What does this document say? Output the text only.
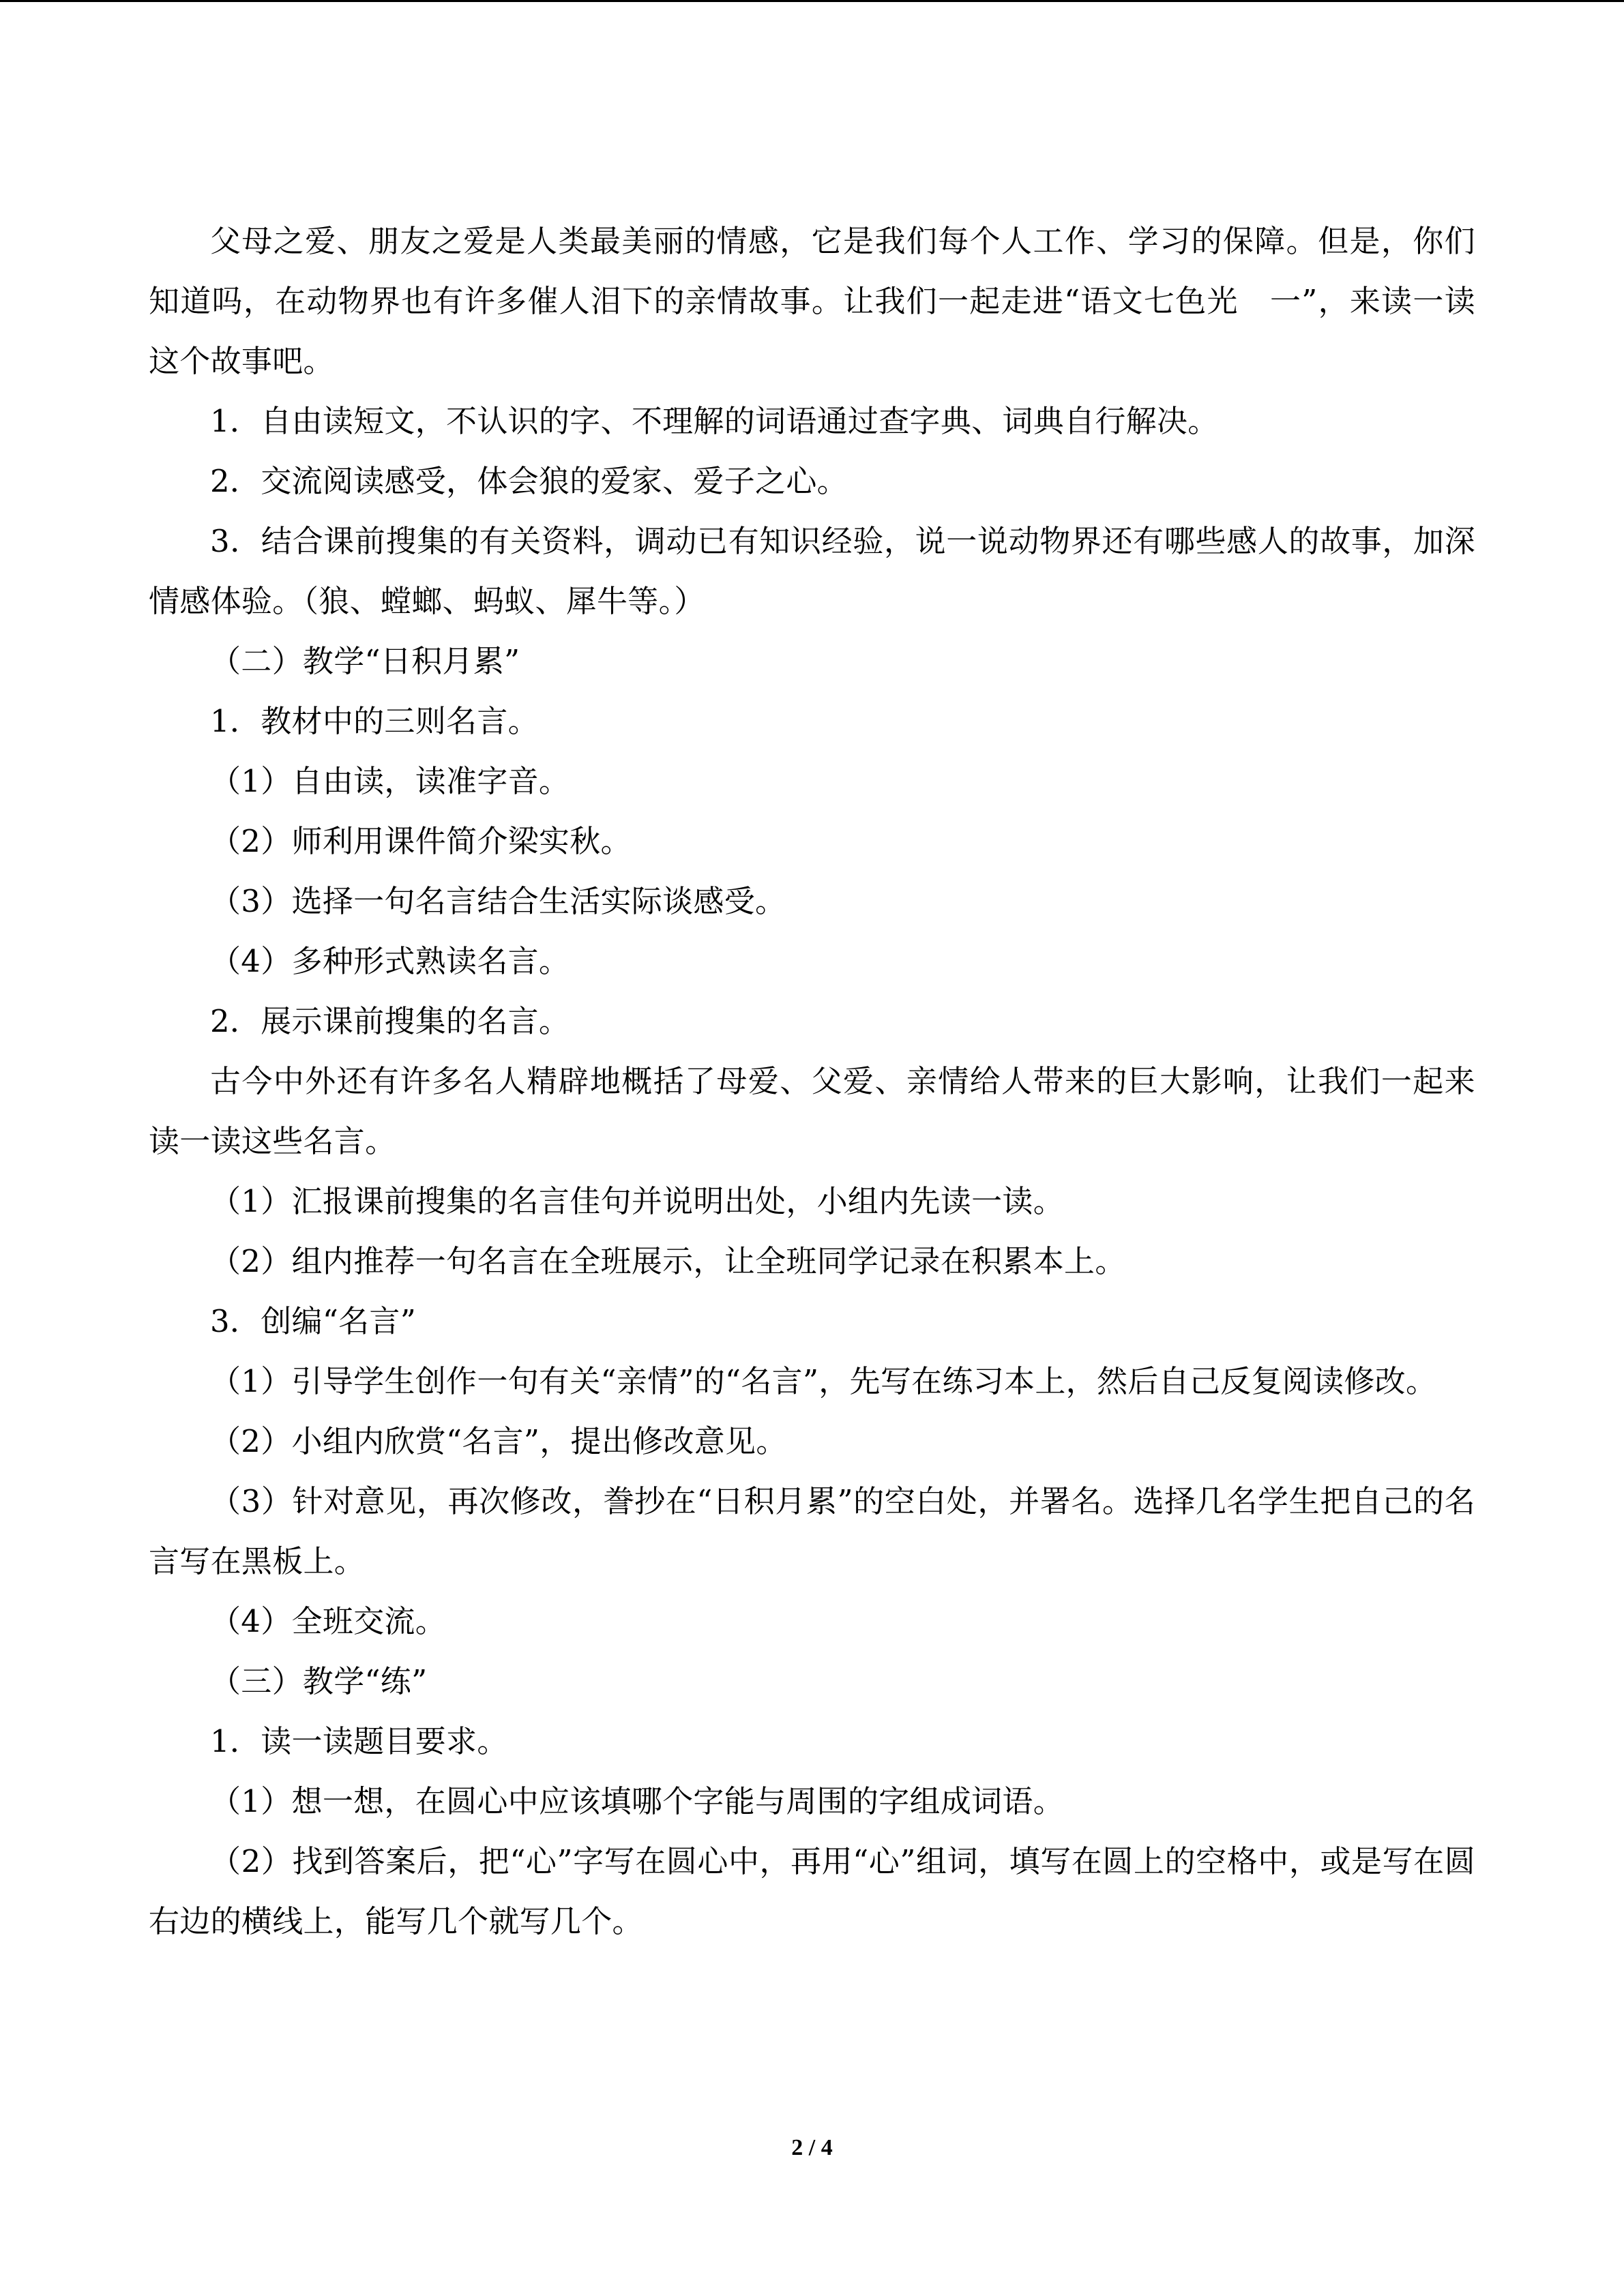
父母之爱、朋友之爱是人类最美丽的情感，它是我们每个人工作、学习的保障。但是，你们知道吗，在动物界也有许多催人泪下的亲情故事。让我们一起走进“语文七色光　一”，来读一读这个故事吧。

1．自由读短文，不认识的字、不理解的词语通过查字典、词典自行解决。

2．交流阅读感受，体会狼的爱家、爱子之心。

3．结合课前搜集的有关资料，调动已有知识经验，说一说动物界还有哪些感人的故事，加深情感体验。（狼、螳螂、蚂蚁、犀牛等。）

（二）教学“日积月累”

1．教材中的三则名言。

（1）自由读，读准字音。

（2）师利用课件简介梁实秋。

（3）选择一句名言结合生活实际谈感受。

（4）多种形式熟读名言。

2．展示课前搜集的名言。

古今中外还有许多名人精辟地概括了母爱、父爱、亲情给人带来的巨大影响，让我们一起来读一读这些名言。

（1）汇报课前搜集的名言佳句并说明出处，小组内先读一读。

（2）组内推荐一句名言在全班展示，让全班同学记录在积累本上。

3．创编“名言”

（1）引导学生创作一句有关“亲情”的“名言”，先写在练习本上，然后自己反复阅读修改。

（2）小组内欣赏“名言”，提出修改意见。

（3）针对意见，再次修改，誊抄在“日积月累”的空白处，并署名。选择几名学生把自己的名言写在黑板上。

（4）全班交流。

（三）教学“练”

1．读一读题目要求。

（1）想一想，在圆心中应该填哪个字能与周围的字组成词语。

（2）找到答案后，把“心”字写在圆心中，再用“心”组词，填写在圆上的空格中，或是写在圆右边的横线上，能写几个就写几个。

2 / 4
